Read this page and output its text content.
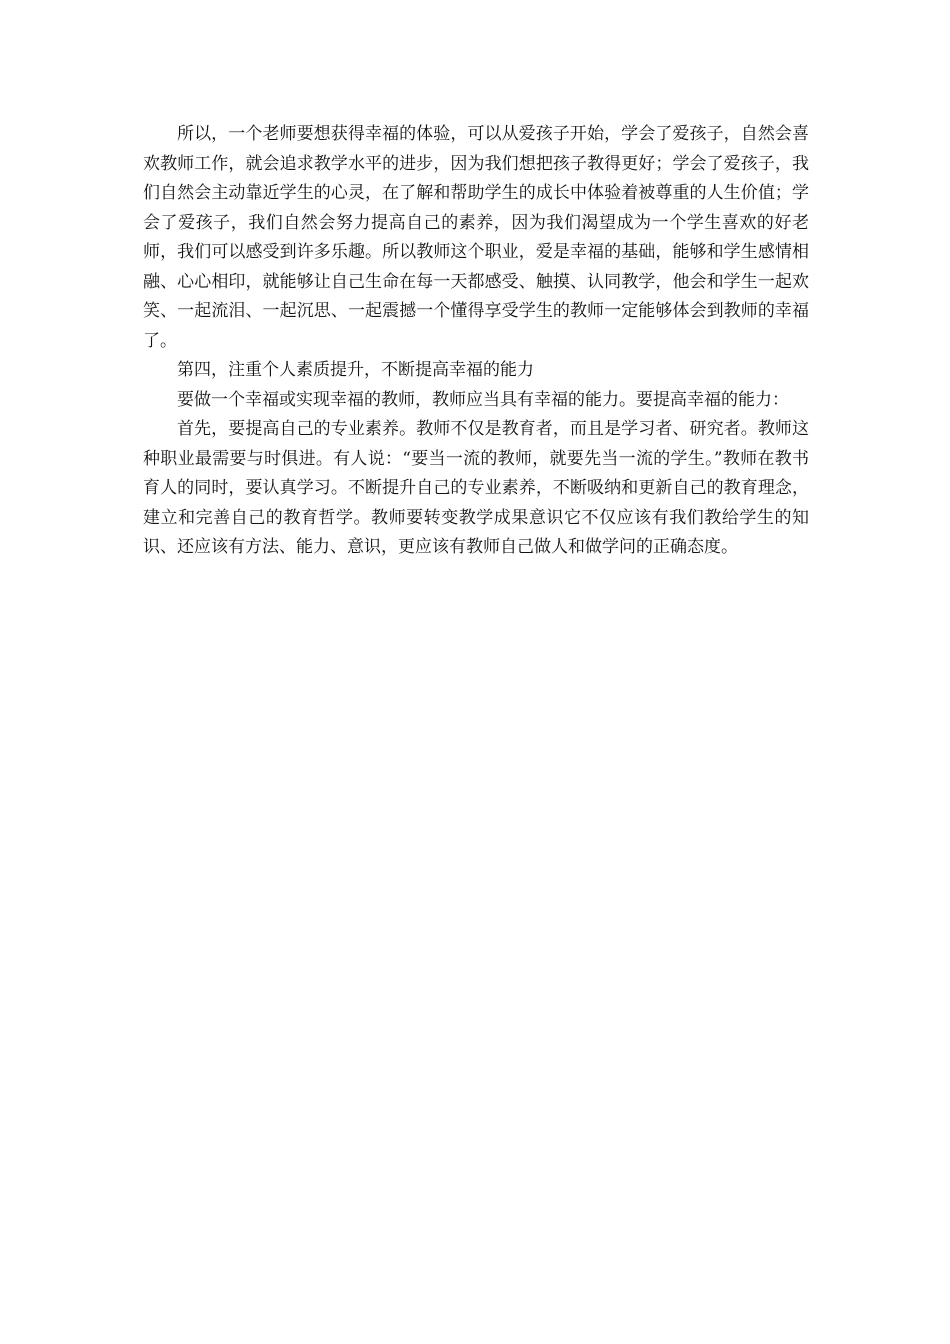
所以，一个老师要想获得幸福的体验，可以从爱孩子开始，学会了爱孩子，自然会喜欢教师工作，就会追求教学水平的进步，因为我们想把孩子教得更好；学会了爱孩子，我们自然会主动靠近学生的心灵，在了解和帮助学生的成长中体验着被尊重的人生价值；学会了爱孩子，我们自然会努力提高自己的素养，因为我们渴望成为一个学生喜欢的好老师，我们可以感受到许多乐趣。所以教师这个职业，爱是幸福的基础，能够和学生感情相融、心心相印，就能够让自己生命在每一天都感受、触摸、认同教学，他会和学生一起欢笑、一起流泪、一起沉思、一起震撼一个懂得享受学生的教师一定能够体会到教师的幸福了。

第四，注重个人素质提升，不断提高幸福的能力

要做一个幸福或实现幸福的教师，教师应当具有幸福的能力。要提高幸福的能力：

首先，要提高自己的专业素养。教师不仅是教育者，而且是学习者、研究者。教师这种职业最需要与时俱进。有人说：“要当一流的教师，就要先当一流的学生。”教师在教书育人的同时，要认真学习。不断提升自己的专业素养，不断吸纳和更新自己的教育理念，建立和完善自己的教育哲学。教师要转变教学成果意识它不仅应该有我们教给学生的知识、还应该有方法、能力、意识，更应该有教师自己做人和做学问的正确态度。
